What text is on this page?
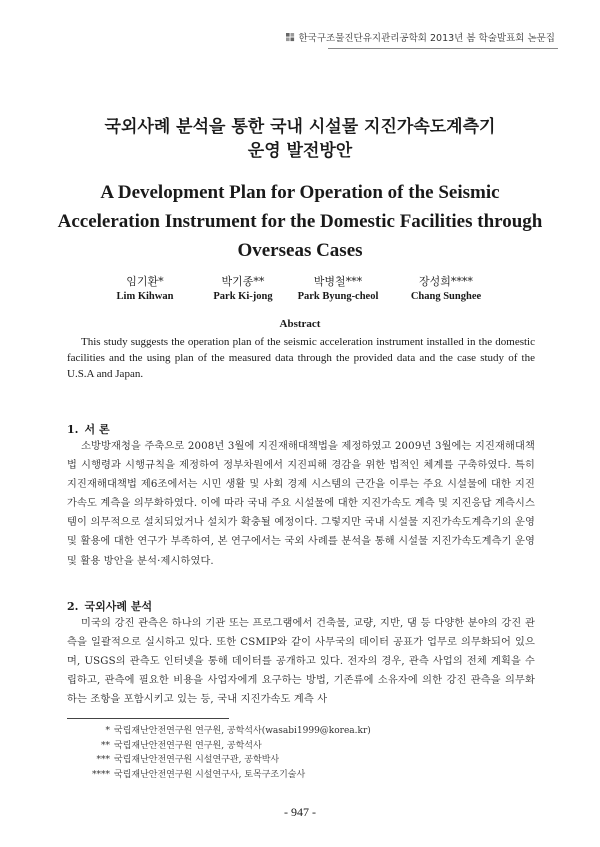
한국구조물진단유지관리공학회 2013년 봄 학술발표회 논문집
국외사례 분석을 통한 국내 시설물 지진가속도계측기
운영 발전방안
A Development Plan for Operation of the Seismic
Acceleration Instrument for the Domestic Facilities through
Overseas Cases
임기환*
Lim Kihwan
박기종**
Park Ki-jong
박병철***
Park Byung-cheol
장성희****
Chang Sunghee
Abstract

This study suggests the operation plan of the seismic acceleration instrument installed in the domestic facilities and the using plan of the measured data through the provided data and the case study of the U.S.A and Japan.

1. 서 론

소방방재청을 주축으로 2008년 3월에 지진재해대책법을 제정하였고 2009년 3월에는 지진재해대책법 시행령과 시행규칙을 제정하여 정부차원에서 지진피해 경감을 위한 법적인 체계를 구축하였다. 특히 지진재해대책법 제6조에서는 시민 생활 및 사회 경제 시스템의 근간을 이루는 주요 시설물에 대한 지진가속도 계측을 의무화하였다. 이에 따라 국내 주요 시설물에 대한 지진가속도 계측 및 지진응답 계측시스템이 의무적으로 설치되었거나 설치가 확충될 예정이다. 그렇지만 국내 시설물 지진가속도계측기의 운영 및 활용에 대한 연구가 부족하여, 본 연구에서는 국외 사례를 분석을 통해 시설물 지진가속도계측기 운영 및 활용 방안을 분석·제시하였다.

2. 국외사례 분석

미국의 강진 관측은 하나의 기관 또는 프로그램에서 건축물, 교량, 지반, 댐 등 다양한 분야의 강진 관측을 일괄적으로 실시하고 있다. 또한 CSMIP와 같이 사무국의 데이터 공표가 업무로 의무화되어 있으며, USGS의 관측도 인터넷을 통해 데이터를 공개하고 있다. 전자의 경우, 관측 사업의 전체 계획을 수립하고, 관측에 필요한 비용을 사업자에게 요구하는 방법, 기존류에 소유자에 의한 강진 관측을 의무화 하는 조항을 포함시키고 있는 등, 국내 지진가속도 계측 사

* 국립재난안전연구원 연구원, 공학석사(wasabi1999@korea.kr)
** 국립재난안전연구원 연구원, 공학석사
*** 국립재난안전연구원 시설연구관, 공학박사
**** 국립재난안전연구원 시설연구사, 토목구조기술사
- 947 -
